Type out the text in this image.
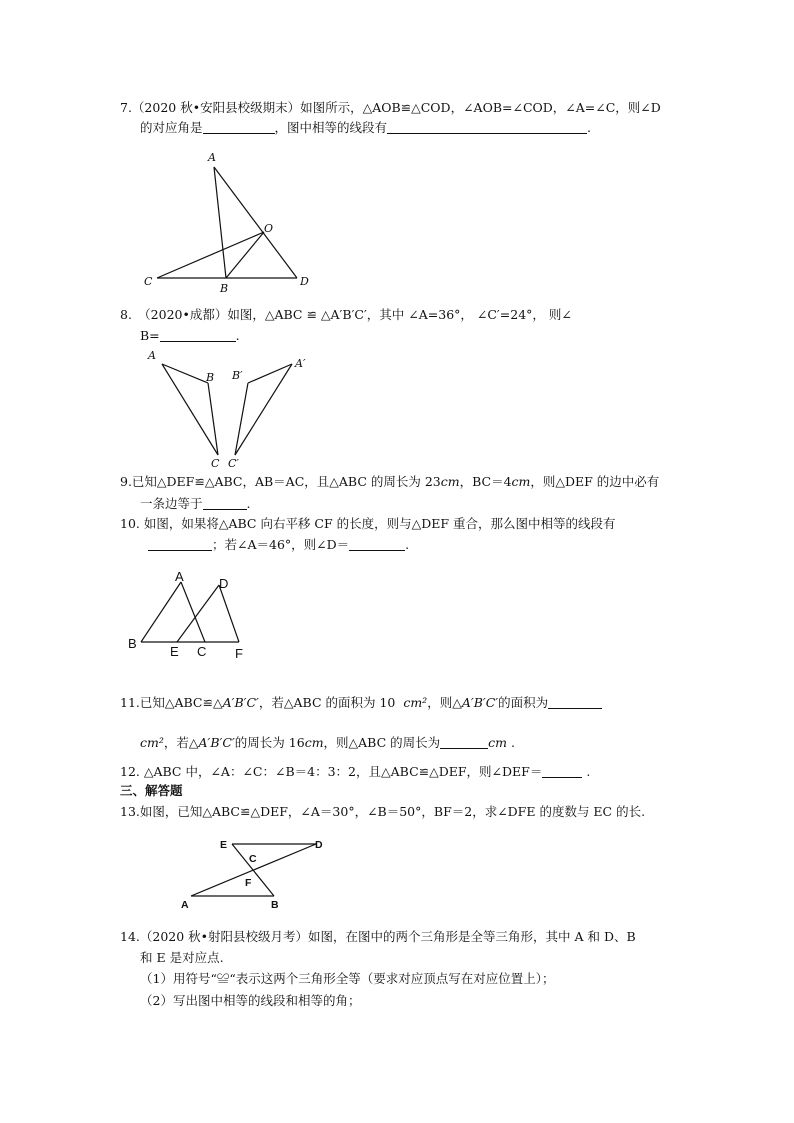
7.（2020 秋•安阳县校级期末）如图所示，△AOB≌△COD，∠AOB=∠COD，∠A=∠C，则∠D
的对应角是	，图中相等的线段有	.
A
O
C
B
D
8.　（2020•成都）如图，△ABC ≌ △A′B′C′，其中 ∠A=36°， ∠C′=24°， 则∠
B=	.
A
B
C
B′
A′
C′
9.已知△DEF≌△ABC，AB＝AC，且△ABC 的周长为 23cm，BC＝4cm，则△DEF 的边中必有
一条边等于	.
10. 如图，如果将△ABC 向右平移 CF 的长度，则与△DEF 重合，那么图中相等的线段有
；若∠A＝46°，则∠D＝	.
A	D
B
E C F
11.已知△ABC≌△A′B′C′，若△ABC 的面积为 10 cm²，则△A′B′C′的面积为
cm²，若△A′B′C′的周长为 16cm，则△ABC 的周长为	cm .
12. △ABC 中，∠A：∠C：∠B＝4：3：2，且△ABC≌△DEF，则∠DEF＝	.
三、解答题
13.如图，已知△ABC≌△DEF，∠A＝30°，∠B＝50°，BF＝2，求∠DFE 的度数与 EC 的长.
E	D
C
F
A	B
14.（2020 秋•射阳县校级月考）如图，在图中的两个三角形是全等三角形，其中 A 和 D、B
和 E 是对应点.
（1）用符号“≌“表示这两个三角形全等（要求对应顶点写在对应位置上）；
（2）写出图中相等的线段和相等的角；
